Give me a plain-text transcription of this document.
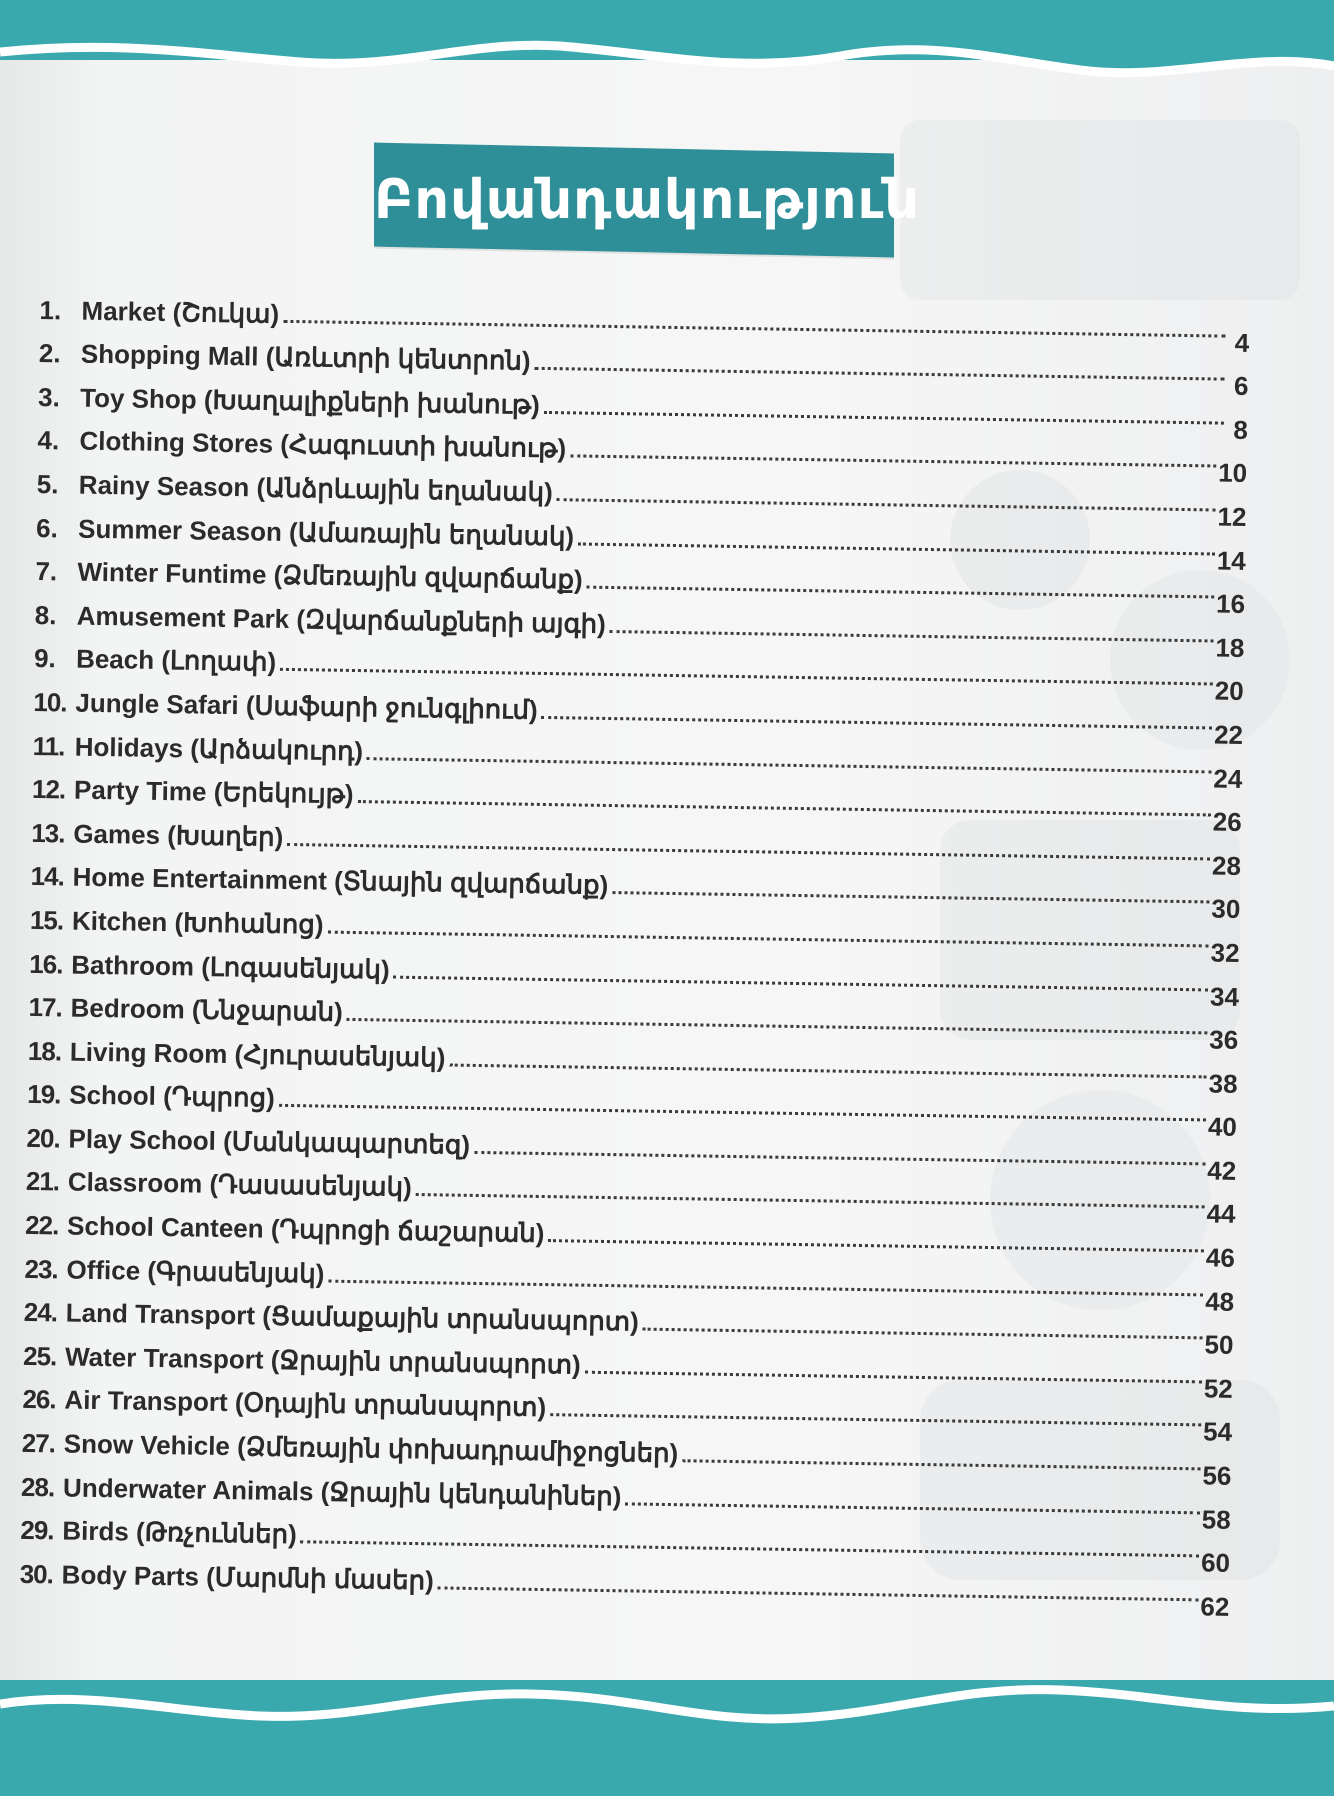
Բովանդակություն
1. Market (Շուկա)
4
2. Shopping Mall (Առևտրի կենտրոն)
6
3. Toy Shop (Խաղալիքների խանութ)
8
4. Clothing Stores (Հագուստի խանութ)
10
5. Rainy Season (Անձրևային եղանակ)
12
6. Summer Season (Ամառային եղանակ)
14
7. Winter Funtime (Ձմեռային զվարճանք)
16
8. Amusement Park (Զվարճանքների այգի)
18
9. Beach (Լողափ)
20
10. Jungle Safari (Սաֆարի ջունգլիում)
22
11. Holidays (Արձակուրդ)
24
12. Party Time (Երեկույթ)
26
13. Games (Խաղեր)
28
14. Home Entertainment (Տնային զվարճանք)
30
15. Kitchen (Խոհանոց)
32
16. Bathroom (Լոգասենյակ)
34
17. Bedroom (Ննջարան)
36
18. Living Room (Հյուրասենյակ)
38
19. School (Դպրոց)
40
20. Play School (Մանկապարտեզ)
42
21. Classroom (Դասասենյակ)
44
22. School Canteen (Դպրոցի ճաշարան)
46
23. Office (Գրասենյակ)
48
24. Land Transport (Ցամաքային տրանսպորտ)
50
25. Water Transport (Ջրային տրանսպորտ)
52
26. Air Transport (Օդային տրանսպորտ)
54
27. Snow Vehicle (Ձմեռային փոխադրամիջոցներ)
56
28. Underwater Animals (Ջրային կենդանիներ)
58
29. Birds (Թռչուններ)
60
30. Body Parts (Մարմնի մասեր)
62
